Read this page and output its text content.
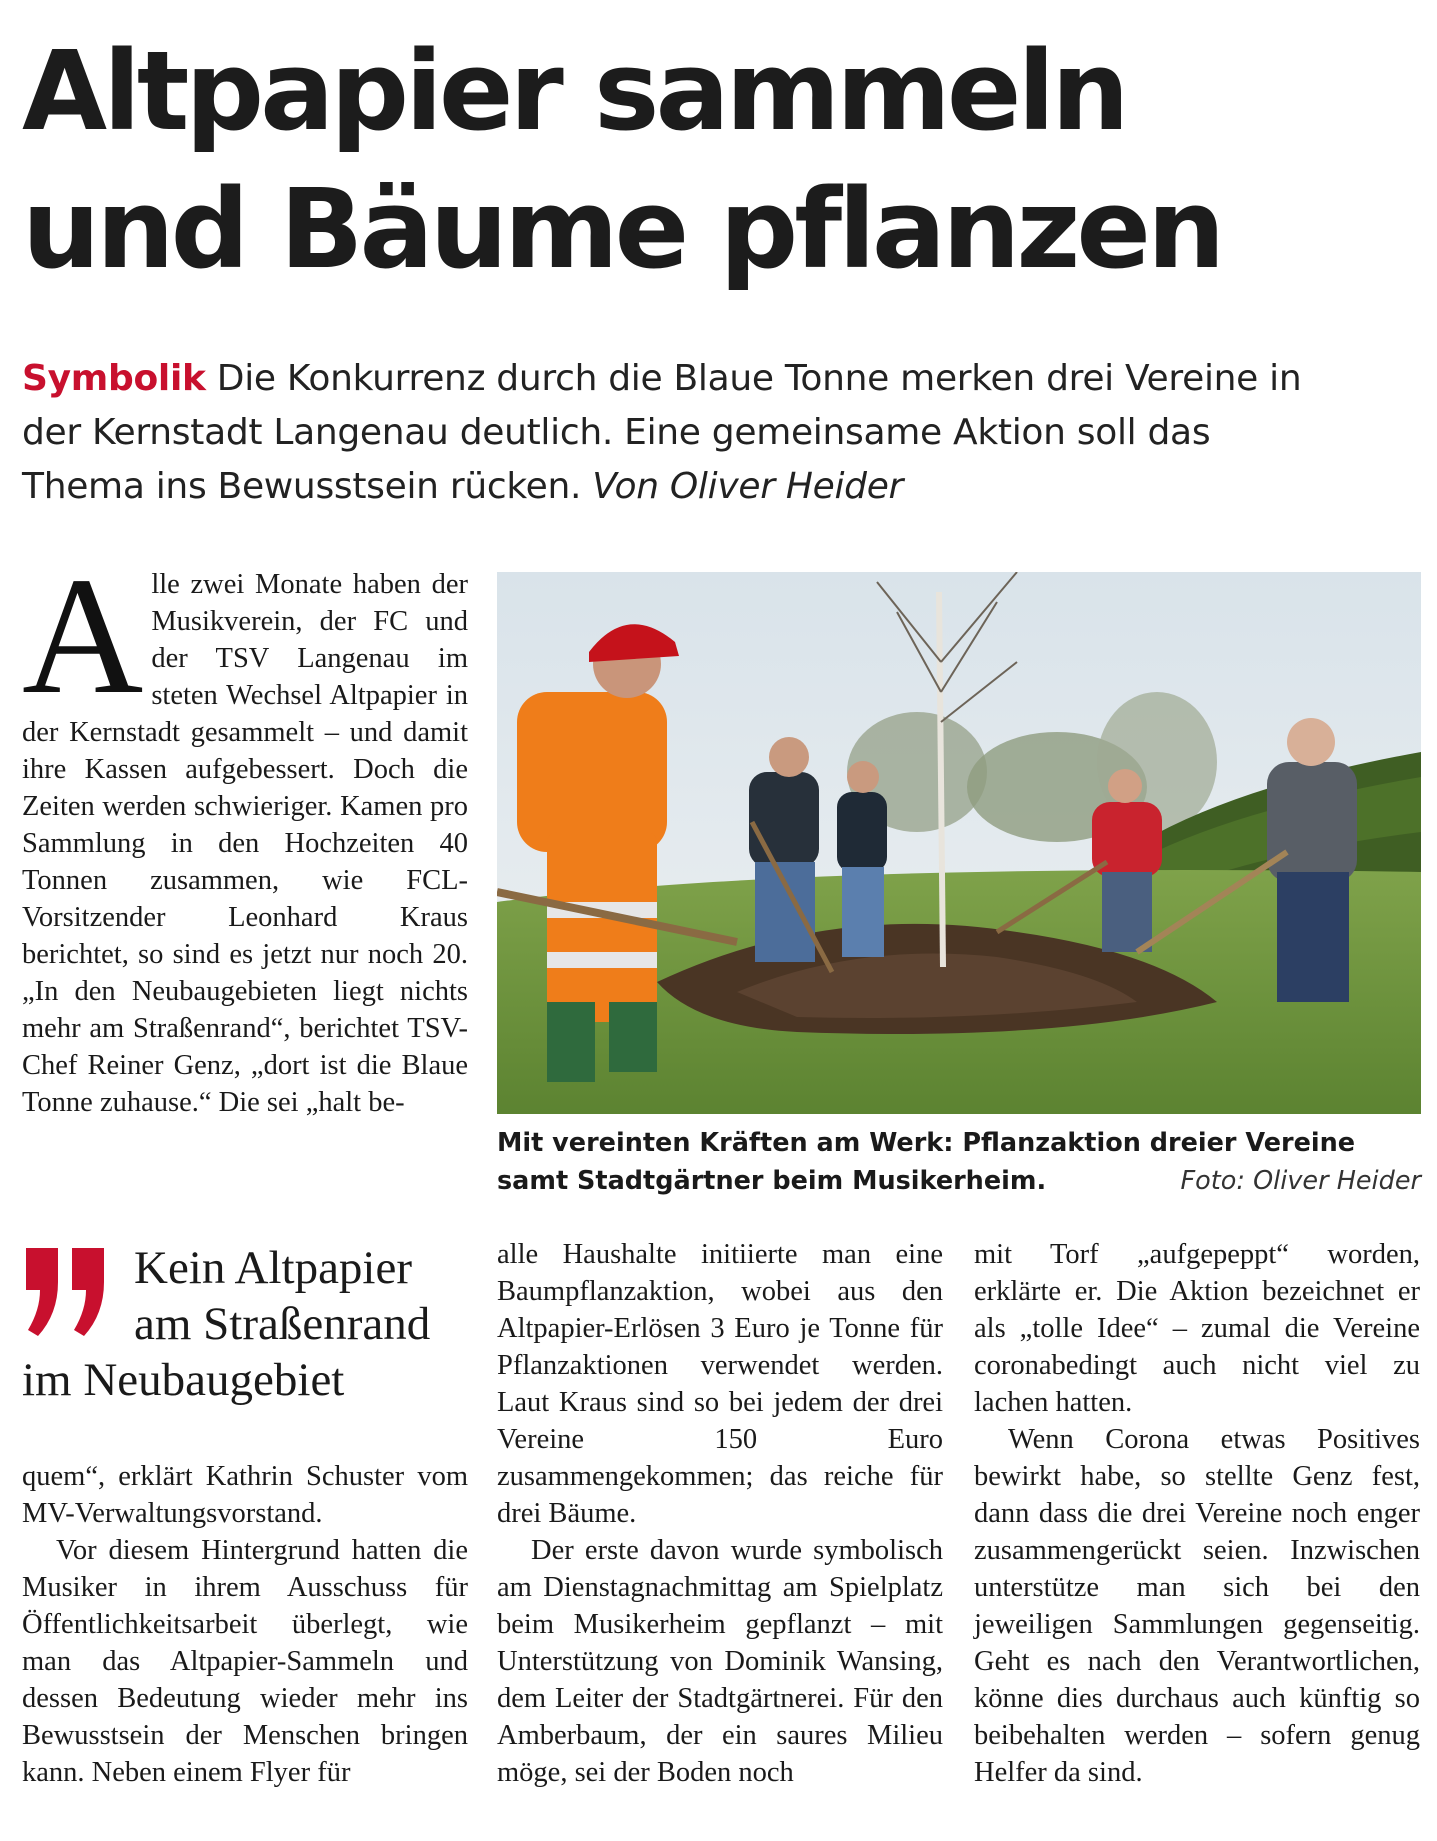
Altpapier sammeln
und Bäume pflanzen
Symbolik Die Konkurrenz durch die Blaue Tonne merken drei Vereine in
der Kernstadt Langenau deutlich. Eine gemeinsame Aktion soll das
Thema ins Bewusstsein rücken. Von Oliver Heider

Alle zwei Monate haben der Musikverein, der FC und der TSV Langenau im steten Wechsel Altpapier in der Kernstadt gesammelt – und damit ihre Kassen aufgebessert. Doch die Zeiten werden schwieriger. Kamen pro Sammlung in den Hochzeiten 40 Tonnen zusammen, wie FCL-Vorsitzender Leonhard Kraus berichtet, so sind es jetzt nur noch 20. „In den Neubaugebieten liegt nichts mehr am Straßenrand“, berichtet TSV-Chef Reiner Genz, „dort ist die Blaue Tonne zuhause.“ Die sei „halt be-

Mit vereinten Kräften am Werk: Pflanzaktion dreier Vereine
samt Stadtgärtner beim Musikerheim.	Foto: Oliver Heider
Kein Altpapier
am Straßenrand
im Neubaugebiet

quem“, erklärt Kathrin Schuster vom MV-Verwaltungsvorstand.

Vor diesem Hintergrund hatten die Musiker in ihrem Ausschuss für Öffentlichkeitsarbeit überlegt, wie man das Altpapier-Sammeln und dessen Bedeutung wieder mehr ins Bewusstsein der Menschen bringen kann. Neben einem Flyer für

alle Haushalte initiierte man eine Baumpflanzaktion, wobei aus den Altpapier-Erlösen 3 Euro je Tonne für Pflanzaktionen verwendet werden. Laut Kraus sind so bei jedem der drei Vereine 150 Euro zusammengekommen; das reiche für drei Bäume.

Der erste davon wurde symbolisch am Dienstagnachmittag am Spielplatz beim Musikerheim gepflanzt – mit Unterstützung von Dominik Wansing, dem Leiter der Stadtgärtnerei. Für den Amberbaum, der ein saures Milieu möge, sei der Boden noch

mit Torf „aufgepeppt“ worden, erklärte er. Die Aktion bezeichnet er als „tolle Idee“ – zumal die Vereine coronabedingt auch nicht viel zu lachen hatten.

Wenn Corona etwas Positives bewirkt habe, so stellte Genz fest, dann dass die drei Vereine noch enger zusammengerückt seien. Inzwischen unterstütze man sich bei den jeweiligen Sammlungen gegenseitig. Geht es nach den Verantwortlichen, könne dies durchaus auch künftig so beibehalten werden – sofern genug Helfer da sind.
